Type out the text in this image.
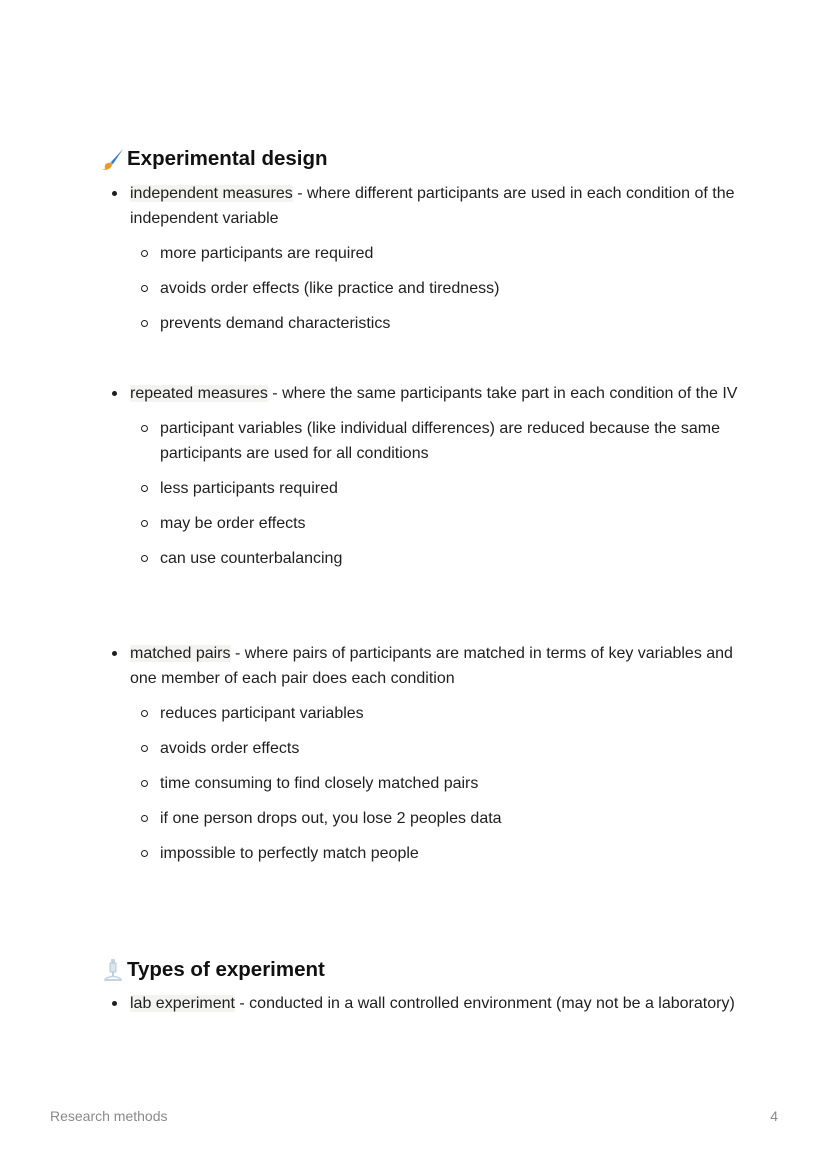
Experimental design
independent measures - where different participants are used in each condition of the independent variable
more participants are required
avoids order effects (like practice and tiredness)
prevents demand characteristics
repeated measures - where the same participants take part in each condition of the IV
participant variables (like individual differences) are reduced because the same participants are used for all conditions
less participants required
may be order effects
can use counterbalancing
matched pairs - where pairs of participants are matched in terms of key variables and one member of each pair does each condition
reduces participant variables
avoids order effects
time consuming to find closely matched pairs
if one person drops out, you lose 2 peoples data
impossible to perfectly match people
Types of experiment
lab experiment - conducted in a wall controlled environment (may not be a laboratory)
Research methods	4
